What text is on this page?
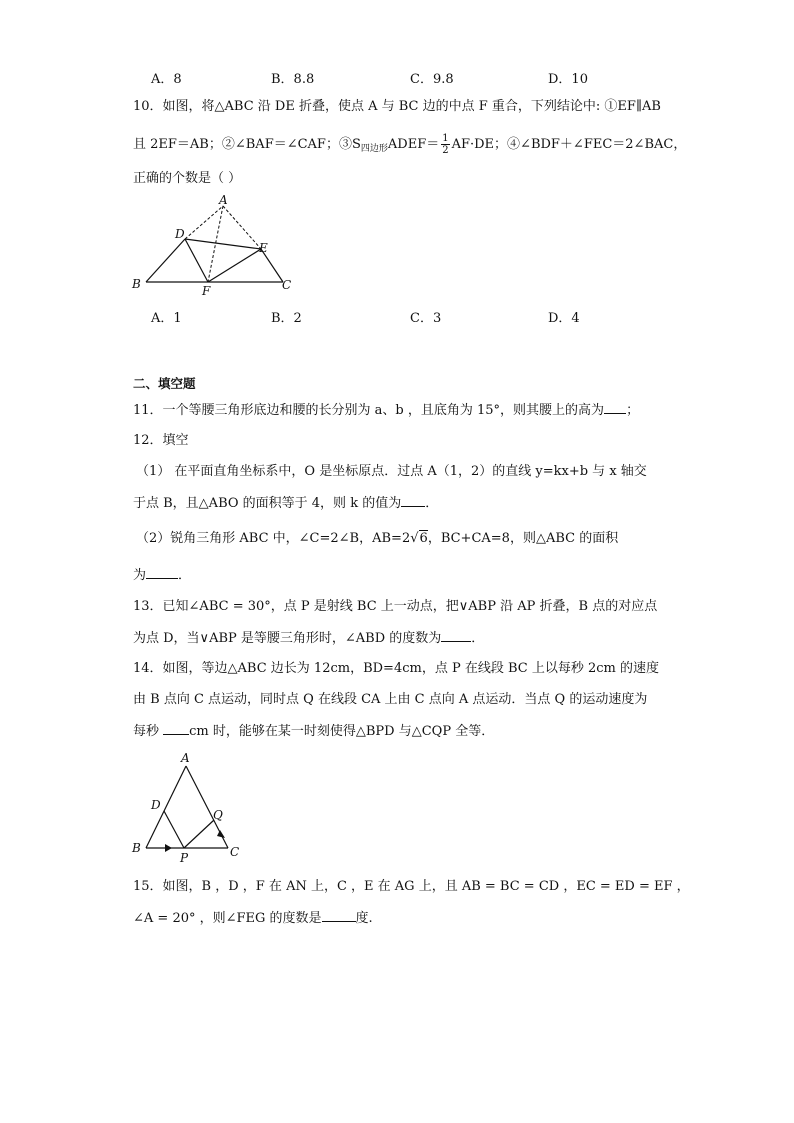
A．8	B．8.8	C．9.8	D．10
10．如图，将△ABC 沿 DE 折叠，使点 A 与 BC 边的中点 F 重合，下列结论中: ①EF∥AB
且 2EF＝AB；②∠BAF＝∠CAF；$③S_{四边形}ADEF= \frac{1}{2} AF\cdot DE$；④∠BDF＋∠FEC＝2∠BAC，
正确的个数是（ ）
A
B	C
D
E
F
A．1	B．2	C．3	D．4
二、填空题
11．一个等腰三角形底边和腰的长分别为 a、b ，且底角为 15°，则其腰上的高为 ；
12．填空
（1） 在平面直角坐标系中，O 是坐标原点．过点 A（1，2）的直线 y=kx+b 与 x 轴交
于点 B，且△ABO 的面积等于 4，则 k 的值为 ．
（2）锐角三角形 ABC 中，∠C=2∠B，AB=2√6，BC+CA=8，则△ABC 的面积
为 ．
13．已知∠ABC = 30°，点 P 是射线 BC 上一动点，把∨ABP 沿 AP 折叠，B 点的对应点
为点 D，当∨ABP 是等腰三角形时，∠ABD 的度数为 ．
14．如图，等边△ABC 边长为 12cm，BD=4cm，点 P 在线段 BC 上以每秒 2cm 的速度
由 B 点向 C 点运动，同时点 Q 在线段 CA 上由 C 点向 A 点运动．当点 Q 的运动速度为
每秒 cm 时，能够在某一时刻使得△BPD 与△CQP 全等．
A
B	C
D
P
Q
15．如图，B ，D ，F 在 AN 上，C ，E 在 AG 上，且 AB = BC = CD ，EC = ED = EF ，
∠A = 20° ，则∠FEG 的度数是	度.
